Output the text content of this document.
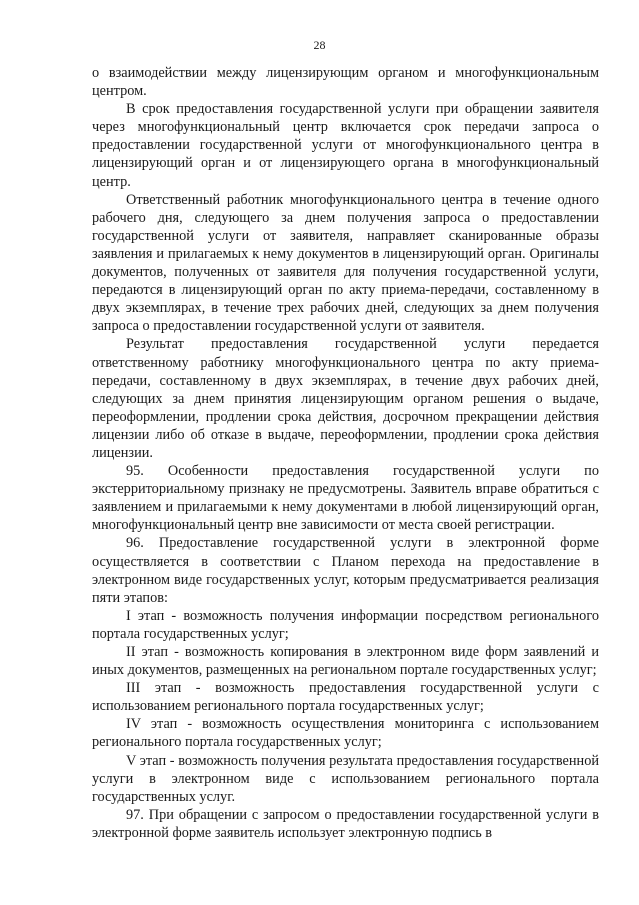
28

о взаимодействии между лицензирующим органом и многофункциональным центром.

В срок предоставления государственной услуги при обращении заявителя через многофункциональный центр включается срок передачи запроса о предоставлении государственной услуги от многофункционального центра в лицензирующий орган и от лицензирующего органа в многофункциональный центр.

Ответственный работник многофункционального центра в течение одного рабочего дня, следующего за днем получения запроса о предоставлении государственной услуги от заявителя, направляет сканированные образы заявления и прилагаемых к нему документов в лицензирующий орган. Оригиналы документов, полученных от заявителя для получения государственной услуги, передаются в лицензирующий орган по акту приема-передачи, составленному в двух экземплярах, в течение трех рабочих дней, следующих за днем получения запроса о предоставлении государственной услуги от заявителя.

Результат предоставления государственной услуги передается ответственному работнику многофункционального центра по акту приема-передачи, составленному в двух экземплярах, в течение двух рабочих дней, следующих за днем принятия лицензирующим органом решения о выдаче, переоформлении, продлении срока действия, досрочном прекращении действия лицензии либо об отказе в выдаче, переоформлении, продлении срока действия лицензии.

95. Особенности предоставления государственной услуги по экстерриториальному признаку не предусмотрены. Заявитель вправе обратиться с заявлением и прилагаемыми к нему документами в любой лицензирующий орган, многофункциональный центр вне зависимости от места своей регистрации.

96. Предоставление государственной услуги в электронной форме осуществляется в соответствии с Планом перехода на предоставление в электронном виде государственных услуг, которым предусматривается реализация пяти этапов:

I этап - возможность получения информации посредством регионального портала государственных услуг;

II этап - возможность копирования в электронном виде форм заявлений и иных документов, размещенных на региональном портале государственных услуг;

III этап - возможность предоставления государственной услуги с использованием регионального портала государственных услуг;

IV этап - возможность осуществления мониторинга с использованием регионального портала государственных услуг;

V этап - возможность получения результата предоставления государственной услуги в электронном виде с использованием регионального портала государственных услуг.

97. При обращении с запросом о предоставлении государственной услуги в электронной форме заявитель использует электронную подпись в
